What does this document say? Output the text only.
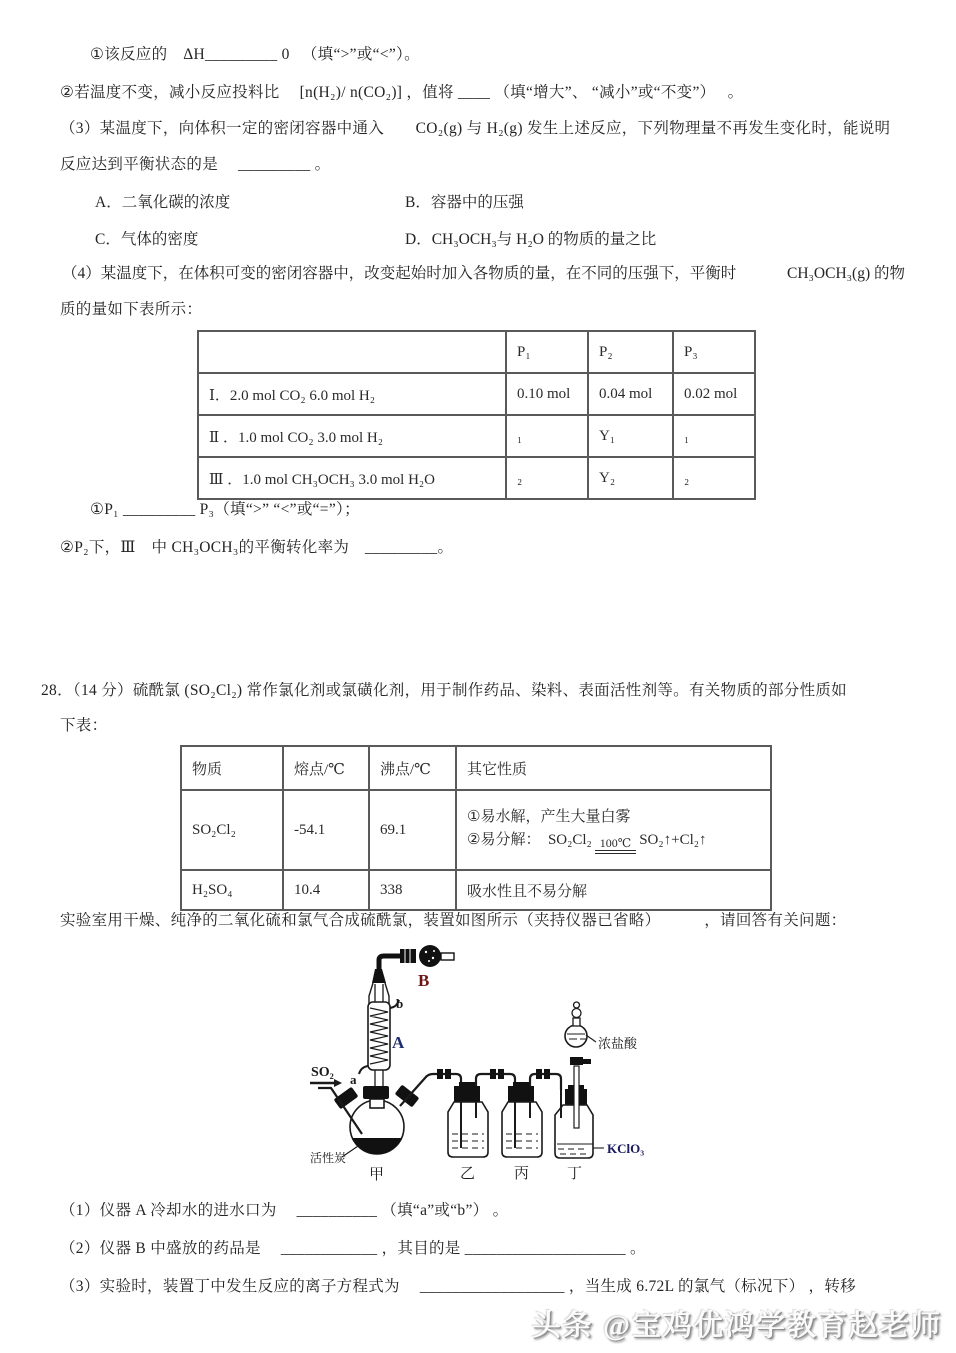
①该反应的　ΔH_________ 0 　（填“>”或“<”）。
②若温度不变，减小反应投料比　 [n(H₂)/ n(CO₂)] ，值将 ____ （填“增大”、 “减小”或“不变”）　 。
（3）某温度下，向体积一定的密闭容器中通入　　CO₂(g) 与 H₂(g) 发生上述反应，下列物理量不再发生变化时，能说明
反应达到平衡状态的是　 _________ 。
A．二氧化碳的浓度	B．容器中的压强
C．气体的密度	D．CH₃OCH₃与 H₂O 的物质的量之比
（4）某温度下，在体积可变的密闭容器中，改变起始时加入各物质的量，在不同的压强下，平衡时	CH₃OCH₃(g) 的物
质的量如下表所示：
	P₁	P₂	P₃
Ⅰ．2.0 mol CO₂ 6.0 mol H₂	0.10 mol	0.04 mol	0.02 mol
Ⅱ ．1.0 mol CO₂ 3.0 mol H₂	₁	Y₁	₁
Ⅲ ．1.0 mol CH₃OCH₃ 3.0 mol H₂O	₂	Y₂	₂
①P₁ _________ P₃（填“>” “<”或“=”）；
②P₂下，Ⅲ　中 CH₃OCH₃的平衡转化率为　_________。
28．（14 分）硫酰氯 (SO₂Cl₂) 常作氯化剂或氯磺化剂，用于制作药品、染料、表面活性剂等。有关物质的部分性质如
下表：
物质	熔点/℃	沸点/℃	其它性质
SO₂Cl₂	-54.1	69.1	①易水解，产生大量白雾
②易分解：　SO₂Cl₂ 100℃ SO₂↑+Cl₂↑

H₂SO₄	10.4	338	吸水性且不易分解
实验室用干燥、纯净的二氧化硫和氯气合成硫酰氯，装置如图所示（夹持仪器已省略）　　　 ，请回答有关问题：
B
A
b
a
SO₂
浓盐酸
KClO₃
活性炭
甲	乙	丙	丁
（1）仪器 A 冷却水的进水口为　 __________ （填“a”或“b”） 。
（2）仪器 B 中盛放的药品是　 ____________ ，其目的是 ____________________ 。
（3）实验时，装置丁中发生反应的离子方程式为　 __________________ ，当生成 6.72L 的氯气（标况下） ，转移
头条 @宝鸡优鸿学教育赵老师
